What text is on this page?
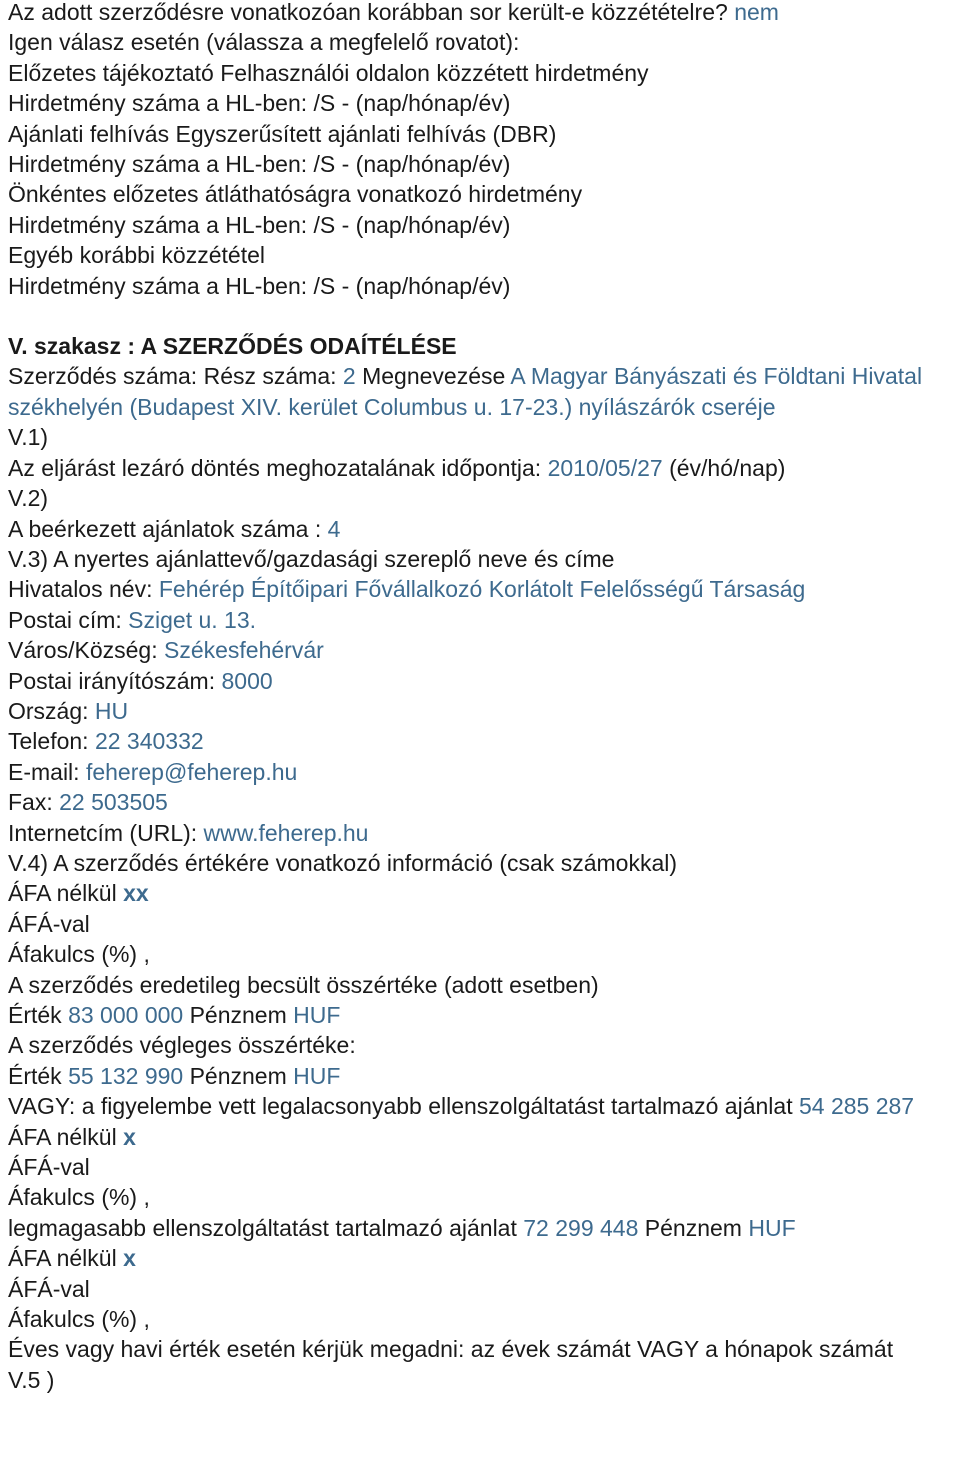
Az adott szerződésre vonatkozóan korábban sor került-e közzétételre? nem
Igen válasz esetén (válassza a megfelelő rovatot):
Előzetes tájékoztató Felhasználói oldalon közzétett hirdetmény
Hirdetmény száma a HL-ben: /S - (nap/hónap/év)
Ajánlati felhívás Egyszerűsített ajánlati felhívás (DBR)
Hirdetmény száma a HL-ben: /S - (nap/hónap/év)
Önkéntes előzetes átláthatóságra vonatkozó hirdetmény
Hirdetmény száma a HL-ben: /S - (nap/hónap/év)
Egyéb korábbi közzététel
Hirdetmény száma a HL-ben: /S - (nap/hónap/év)
V. szakasz : A SZERZŐDÉS ODAÍTÉLÉSE
Szerződés száma: Rész száma: 2 Megnevezése A Magyar Bányászati és Földtani Hivatal székhelyén (Budapest XIV. kerület Columbus u. 17-23.) nyílászárók cseréje
V.1)
Az eljárást lezáró döntés meghozatalának időpontja: 2010/05/27 (év/hó/nap)
V.2)
A beérkezett ajánlatok száma : 4
V.3) A nyertes ajánlattevő/gazdasági szereplő neve és címe
Hivatalos név: Fehérép Építőipari Fővállalkozó Korlátolt Felelősségű Társaság
Postai cím: Sziget u. 13.
Város/Község: Székesfehérvár
Postai irányítószám: 8000
Ország: HU
Telefon: 22 340332
E-mail: feherep@feherep.hu
Fax: 22 503505
Internetcím (URL): www.feherep.hu
V.4) A szerződés értékére vonatkozó információ (csak számokkal)
ÁFA nélkül xx
ÁFÁ-val
Áfakulcs (%) ,
A szerződés eredetileg becsült összértéke (adott esetben)
Érték 83 000 000 Pénznem HUF
A szerződés végleges összértéke:
Érték 55 132 990 Pénznem HUF
VAGY: a figyelembe vett legalacsonyabb ellenszolgáltatást tartalmazó ajánlat 54 285 287
ÁFA nélkül x
ÁFÁ-val
Áfakulcs (%) ,
legmagasabb ellenszolgáltatást tartalmazó ajánlat 72 299 448 Pénznem HUF
ÁFA nélkül x
ÁFÁ-val
Áfakulcs (%) ,
Éves vagy havi érték esetén kérjük megadni: az évek számát VAGY a hónapok számát
V.5 )
